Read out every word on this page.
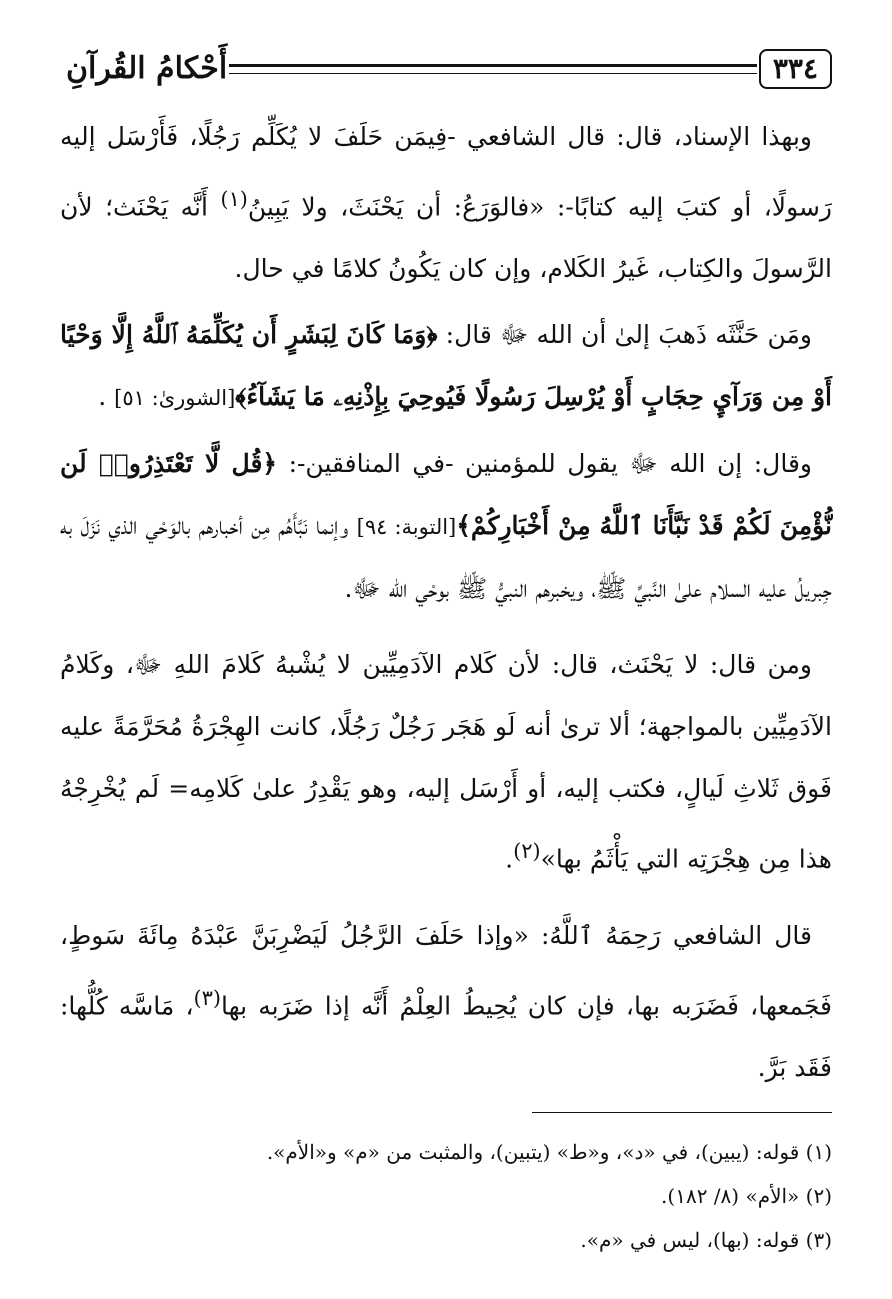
٣٣٤
أَحْكامُ القُرآنِ

وبهذا الإسناد، قال: قال الشافعي -فِيمَن حَلَفَ لا يُكَلِّم رَجُلًا، فَأَرْسَل إليه رَسولًا، أو كتبَ إليه كتابًا-: «فالوَرَعُ: أن يَحْنَثَ، ولا يَبِينُ$^{(١)}$ أَنَّه يَحْنَث؛ لأن الرَّسولَ والكِتاب، غَيرُ الكَلام، وإن كان يَكُونُ كلامًا في حال.

ومَن حَنَّثَه ذَهبَ إلىٰ أن الله ﷻ قال: ﴿وَمَا كَانَ لِبَشَرٍ أَن يُكَلِّمَهُ ٱللَّهُ إِلَّا وَحْيًا أَوْ مِن وَرَآيِٕ حِجَابٍ أَوْ يُرْسِلَ رَسُولًا فَيُوحِيَ بِإِذْنِهِۦ مَا يَشَآءُ﴾[الشورىٰ: ٥١] .

وقال: إن الله ﷻ يقول للمؤمنين -في المنافقين-: ﴿قُل لَّا تَعْتَذِرُوا۟ لَن نُّؤْمِنَ لَكُمْ قَدْ نَبَّأَنَا ٱللَّهُ مِنْ أَخْبَارِكُمْ﴾[التوبة: ٩٤] وإنما نَبَّأَهُم مِن أخبارهم بالوَحْي الذي نَزَلَ به جِبريلُ عليه السلام علىٰ النَّبيِّ ﷺ، ويخبرهم النبيُّ ﷺ بوحْي الله ﷻ.

ومن قال: لا يَحْنَث، قال: لأن كَلام الآدَمِيِّين لا يُشْبهُ كَلامَ اللهِ ﷻ، وكَلامُ الآدَمِيِّين بالمواجهة؛ ألا ترىٰ أنه لَو هَجَر رَجُلٌ رَجُلًا، كانت الهِجْرَةُ مُحَرَّمَةً عليه فَوق ثَلاثِ لَيالٍ، فكتب إليه، أو أَرْسَل إليه، وهو يَقْدِرُ علىٰ كَلامِه= لَم يُخْرِجْهُ هذا مِن هِجْرَتِه التي يَأْثَمُ بها»$^{(٢)}$.

قال الشافعي رَحِمَهُ ٱللَّهُ: «وإذا حَلَفَ الرَّجُلُ لَيَضْرِبَنَّ عَبْدَهُ مِائَةَ سَوطٍ، فَجَمعها، فَضَرَبه بها، فإن كان يُحِيطُ العِلْمُ أَنَّه إذا ضَرَبه بها$^{(٣)}$، مَاسَّه كُلُّها: فَقَد بَرَّ.

(١) قوله: (يبين)، في «د»، و«ط» (يتبين)، والمثبت من «م» و«الأم».

(٢) «الأم» (٨/ ١٨٢).

(٣) قوله: (بها)، ليس في «م».
